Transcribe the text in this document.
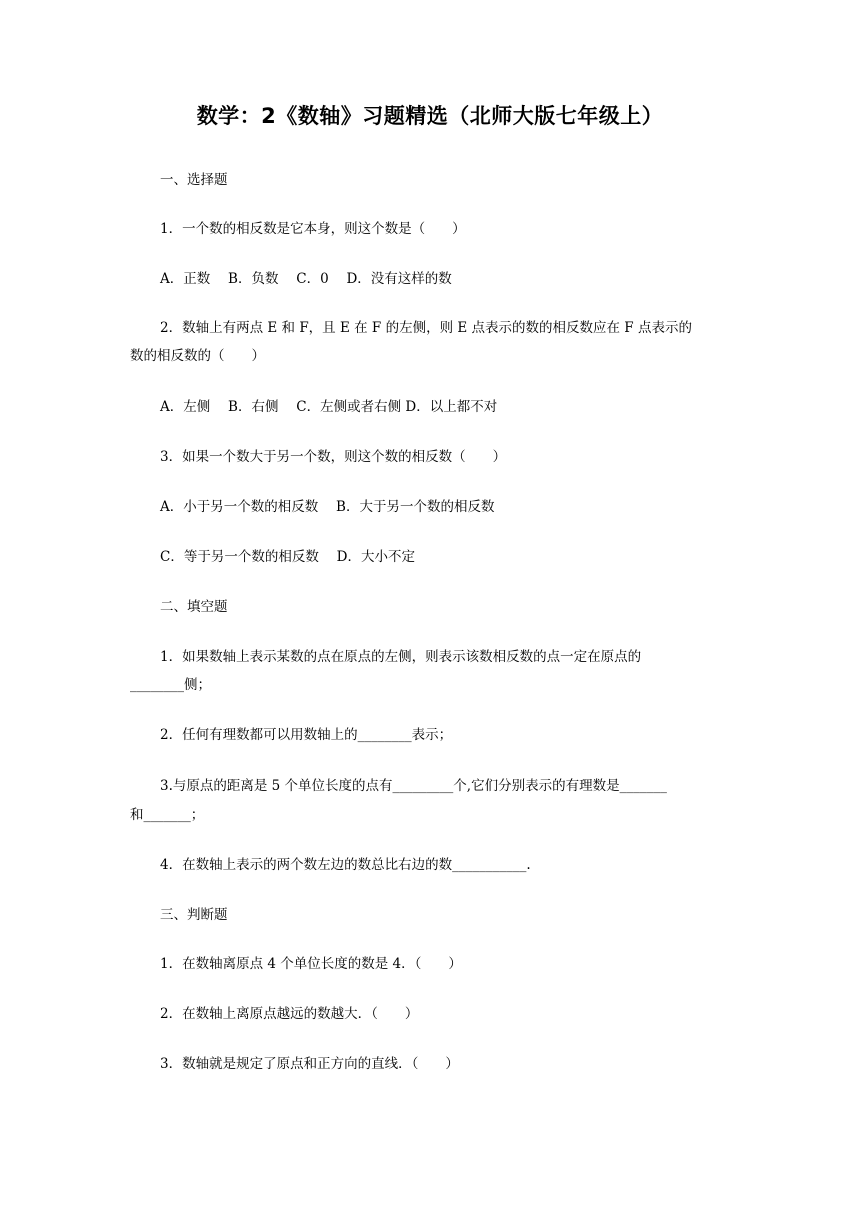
数学：2《数轴》习题精选（北师大版七年级上）
一、选择题
1．一个数的相反数是它本身，则这个数是（　　）
A．正数　 B．负数　 C．0　 D．没有这样的数
2．数轴上有两点 E 和 F，且 E 在 F 的左侧，则 E 点表示的数的相反数应在 F 点表示的
数的相反数的（　　）
A．左侧　 B．右侧　 C．左侧或者右侧 D．以上都不对
3．如果一个数大于另一个数，则这个数的相反数（　　）
A．小于另一个数的相反数　 B．大于另一个数的相反数
C．等于另一个数的相反数　 D．大小不定
二、填空题
1．如果数轴上表示某数的点在原点的左侧，则表示该数相反数的点一定在原点的
________侧；
2．任何有理数都可以用数轴上的________表示；
3.与原点的距离是 5 个单位长度的点有_________个,它们分别表示的有理数是_______
和_______；
4．在数轴上表示的两个数左边的数总比右边的数___________.
三、判断题
1．在数轴离原点 4 个单位长度的数是 4．（　　）
2．在数轴上离原点越远的数越大．（　　）
3．数轴就是规定了原点和正方向的直线．（　　）
